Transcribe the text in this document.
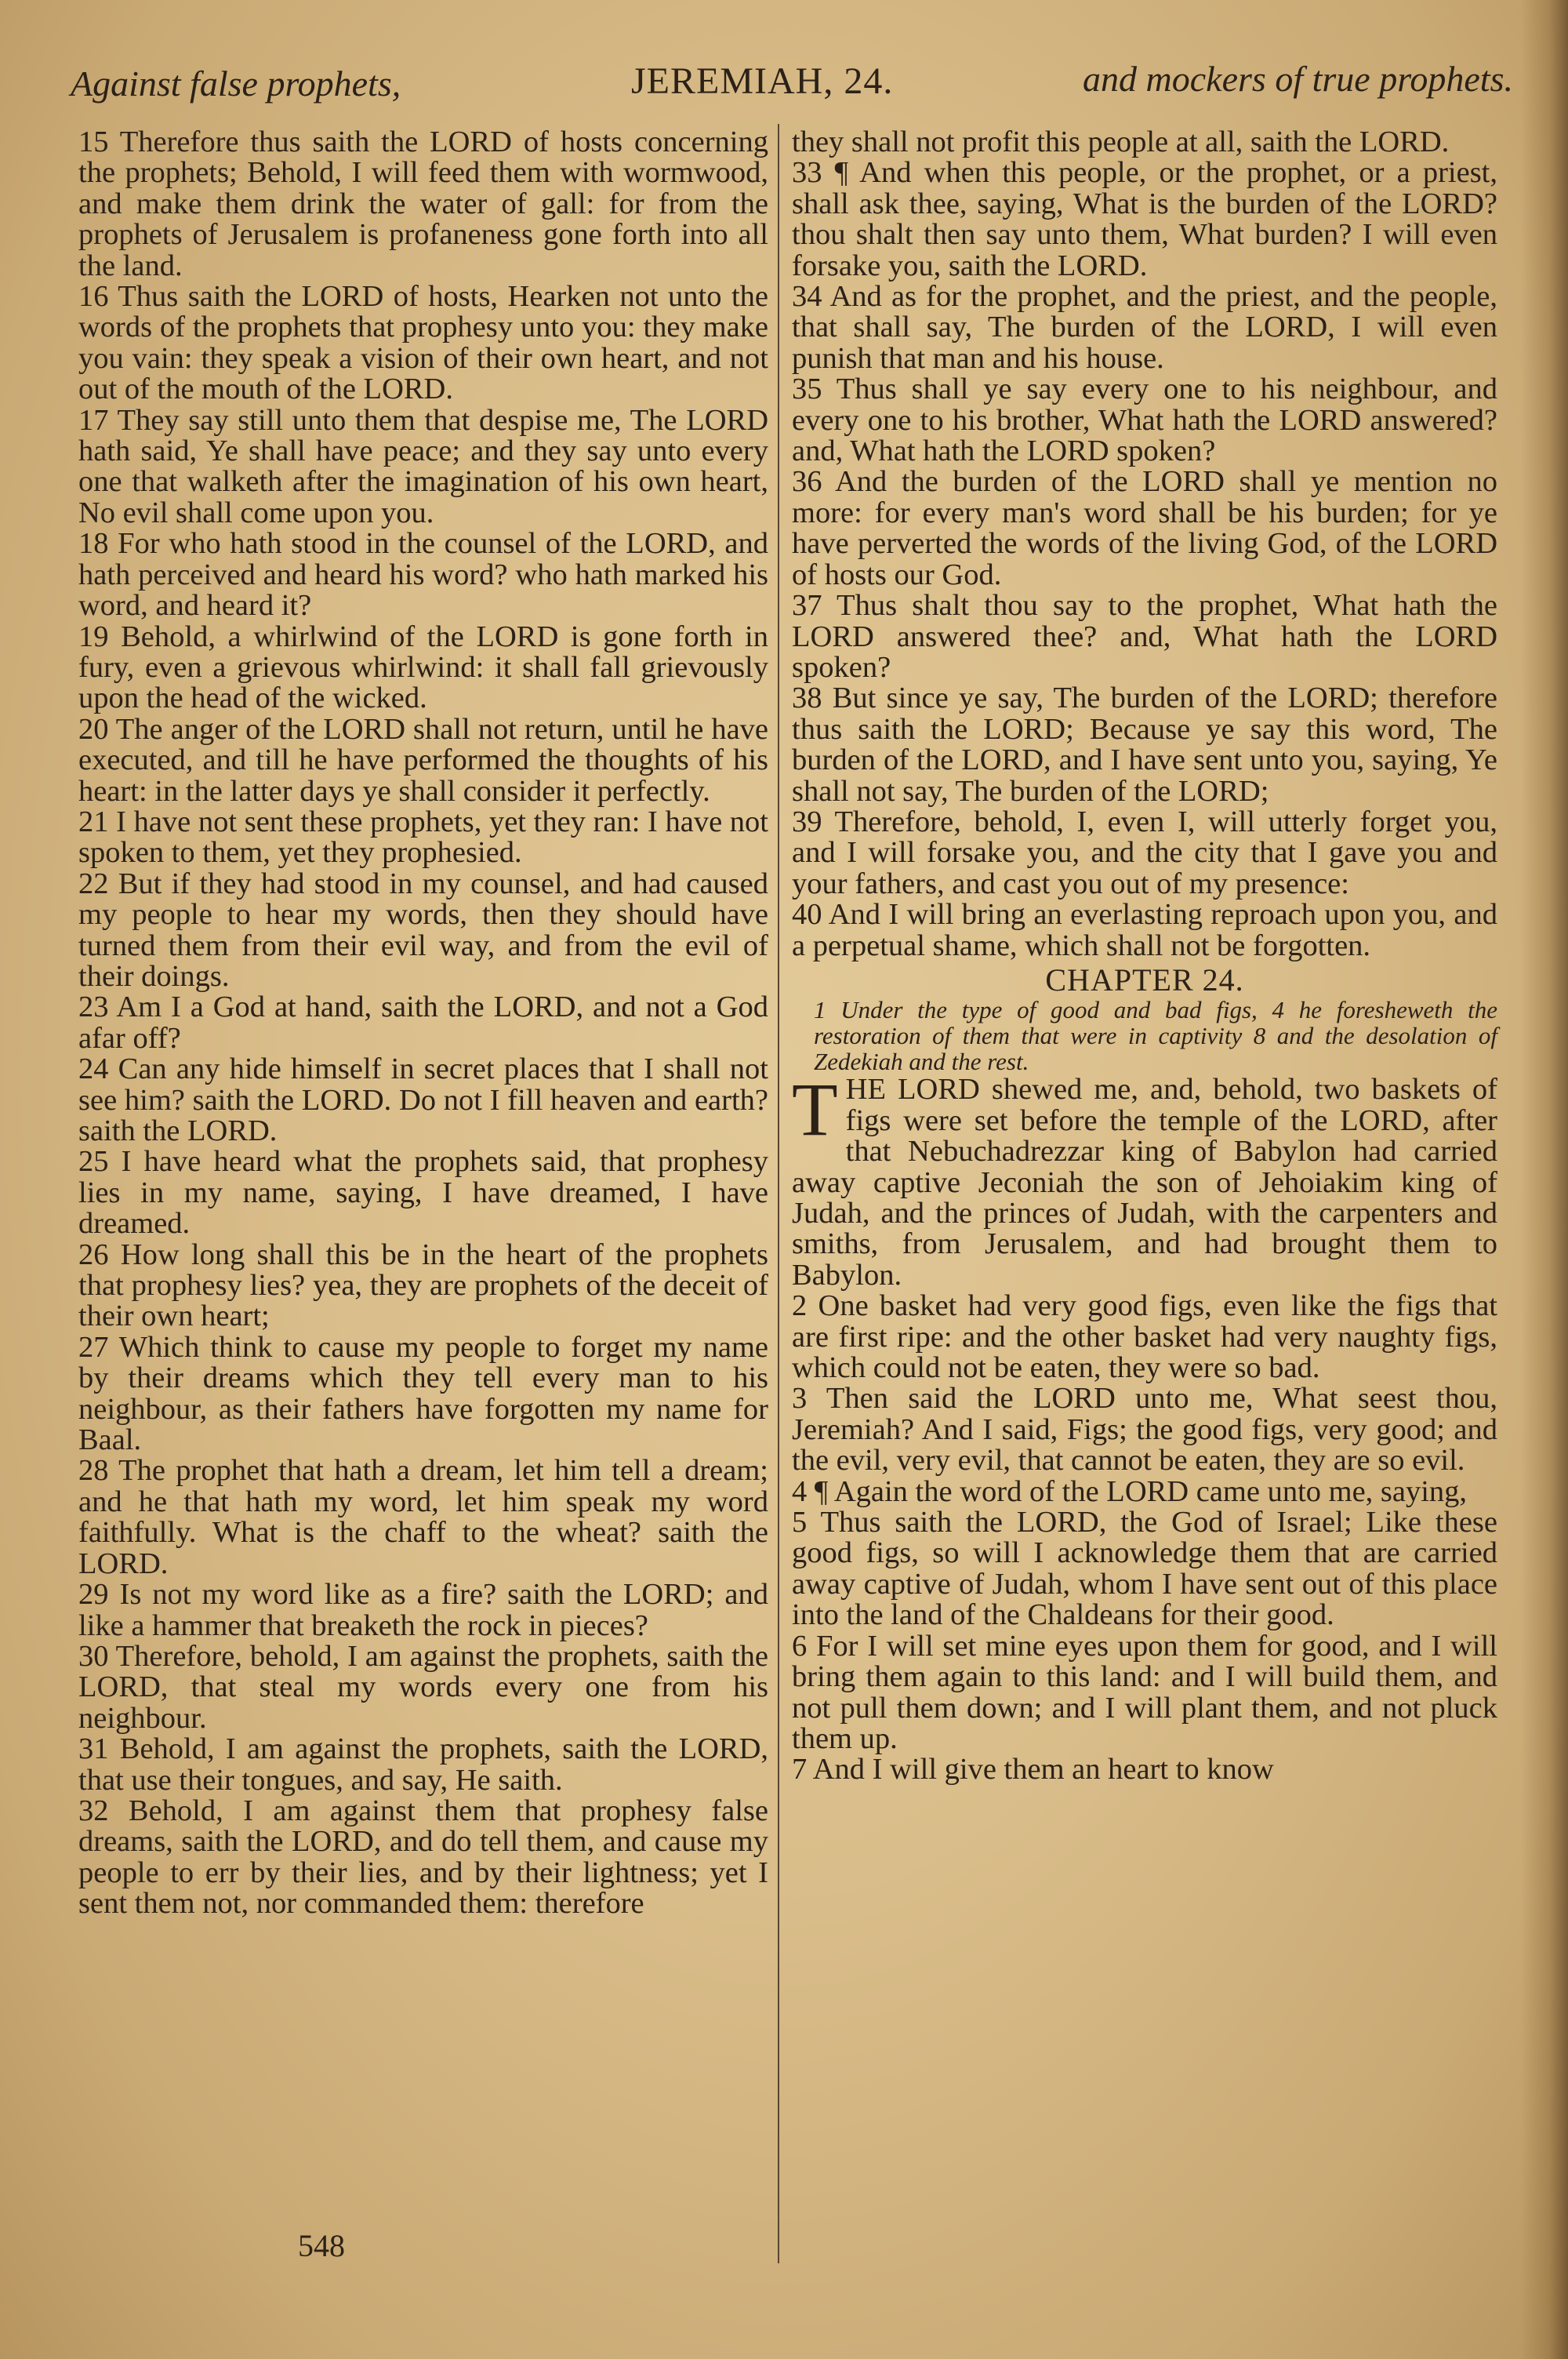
Against false prophets,	JEREMIAH, 24.	and mockers of true prophets.

15 Therefore thus saith the LORD of hosts concerning the prophets; Behold, I will feed them with wormwood, and make them drink the water of gall: for from the prophets of Jerusalem is profaneness gone forth into all the land.

16 Thus saith the LORD of hosts, Hearken not unto the words of the prophets that prophesy unto you: they make you vain: they speak a vision of their own heart, and not out of the mouth of the LORD.

17 They say still unto them that despise me, The LORD hath said, Ye shall have peace; and they say unto every one that walketh after the imagination of his own heart, No evil shall come upon you.

18 For who hath stood in the counsel of the LORD, and hath perceived and heard his word? who hath marked his word, and heard it?

19 Behold, a whirlwind of the LORD is gone forth in fury, even a grievous whirlwind: it shall fall grievously upon the head of the wicked.

20 The anger of the LORD shall not return, until he have executed, and till he have performed the thoughts of his heart: in the latter days ye shall consider it perfectly.

21 I have not sent these prophets, yet they ran: I have not spoken to them, yet they prophesied.

22 But if they had stood in my counsel, and had caused my people to hear my words, then they should have turned them from their evil way, and from the evil of their doings.

23 Am I a God at hand, saith the LORD, and not a God afar off?

24 Can any hide himself in secret places that I shall not see him? saith the LORD. Do not I fill heaven and earth? saith the LORD.

25 I have heard what the prophets said, that prophesy lies in my name, saying, I have dreamed, I have dreamed.

26 How long shall this be in the heart of the prophets that prophesy lies? yea, they are prophets of the deceit of their own heart;

27 Which think to cause my people to forget my name by their dreams which they tell every man to his neighbour, as their fathers have forgotten my name for Baal.

28 The prophet that hath a dream, let him tell a dream; and he that hath my word, let him speak my word faithfully. What is the chaff to the wheat? saith the LORD.

29 Is not my word like as a fire? saith the LORD; and like a hammer that breaketh the rock in pieces?

30 Therefore, behold, I am against the prophets, saith the LORD, that steal my words every one from his neighbour.

31 Behold, I am against the prophets, saith the LORD, that use their tongues, and say, He saith.

32 Behold, I am against them that prophesy false dreams, saith the LORD, and do tell them, and cause my people to err by their lies, and by their lightness; yet I sent them not, nor commanded them: therefore

they shall not profit this people at all, saith the LORD.

33 ¶ And when this people, or the prophet, or a priest, shall ask thee, saying, What is the burden of the LORD? thou shalt then say unto them, What burden? I will even forsake you, saith the LORD.

34 And as for the prophet, and the priest, and the people, that shall say, The burden of the LORD, I will even punish that man and his house.

35 Thus shall ye say every one to his neighbour, and every one to his brother, What hath the LORD answered? and, What hath the LORD spoken?

36 And the burden of the LORD shall ye mention no more: for every man's word shall be his burden; for ye have perverted the words of the living God, of the LORD of hosts our God.

37 Thus shalt thou say to the prophet, What hath the LORD answered thee? and, What hath the LORD spoken?

38 But since ye say, The burden of the LORD; therefore thus saith the LORD; Because ye say this word, The burden of the LORD, and I have sent unto you, saying, Ye shall not say, The burden of the LORD;

39 Therefore, behold, I, even I, will utterly forget you, and I will forsake you, and the city that I gave you and your fathers, and cast you out of my presence:

40 And I will bring an everlasting reproach upon you, and a perpetual shame, which shall not be forgotten.

CHAPTER 24.

1 Under the type of good and bad figs, 4 he foresheweth the restoration of them that were in captivity 8 and the desolation of Zedekiah and the rest.

T HE LORD shewed me, and, behold, two baskets of figs were set before the temple of the LORD, after that Nebuchadrezzar king of Babylon had carried away captive Jeconiah the son of Jehoiakim king of Judah, and the princes of Judah, with the carpenters and smiths, from Jerusalem, and had brought them to Babylon.

2 One basket had very good figs, even like the figs that are first ripe: and the other basket had very naughty figs, which could not be eaten, they were so bad.

3 Then said the LORD unto me, What seest thou, Jeremiah? And I said, Figs; the good figs, very good; and the evil, very evil, that cannot be eaten, they are so evil.

4 ¶ Again the word of the LORD came unto me, saying,

5 Thus saith the LORD, the God of Israel; Like these good figs, so will I acknowledge them that are carried away captive of Judah, whom I have sent out of this place into the land of the Chaldeans for their good.

6 For I will set mine eyes upon them for good, and I will bring them again to this land: and I will build them, and not pull them down; and I will plant them, and not pluck them up.

7 And I will give them an heart to know

548
